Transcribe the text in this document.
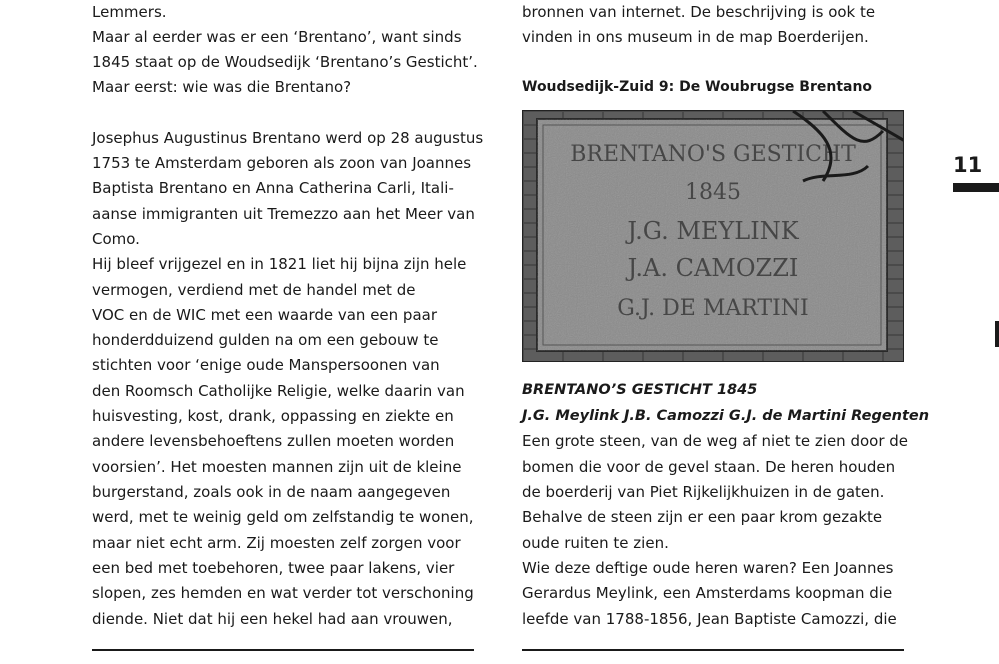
Lemmers.
Maar al eerder was er een ‘Brentano’, want sinds
1845 staat op de Woudsedijk ‘Brentano’s Gesticht’.
Maar eerst: wie was die Brentano?
Josephus Augustinus Brentano werd op 28 augustus
1753 te Amsterdam geboren als zoon van Joannes
Baptista Brentano en Anna Catherina Carli, Itali-
aanse immigranten uit Tremezzo aan het Meer van
Como.
Hij bleef vrijgezel en in 1821 liet hij bijna zijn hele
vermogen, verdiend met de handel met de
VOC en de WIC met een waarde van een paar
honderdduizend gulden na om een gebouw te
stichten voor ‘enige oude Manspersoonen van
den Roomsch Catholijke Religie, welke daarin van
huisvesting, kost, drank, oppassing en ziekte en
andere levensbehoeftens zullen moeten worden
voorsien’. Het moesten mannen zijn uit de kleine
burgerstand, zoals ook in de naam aangegeven
werd, met te weinig geld om zelfstandig te wonen,
maar niet echt arm. Zij moesten zelf zorgen voor
een bed met toebehoren, twee paar lakens, vier
slopen, zes hemden en wat verder tot verschoning
diende. Niet dat hij een hekel had aan vrouwen,
bronnen van internet. De beschrijving is ook te
vinden in ons museum in de map Boerderijen.
Woudsedijk-Zuid 9: De Woubrugse Brentano
BRENTANO'S GESTICHT
1845
J.G. MEYLINK
J.A. CAMOZZI
G.J. DE MARTINI
BRENTANO’S GESTICHT 1845
J.G. Meylink J.B. Camozzi G.J. de Martini Regenten
Een grote steen, van de weg af niet te zien door de
bomen die voor de gevel staan. De heren houden
de boerderij van Piet Rijkelijkhuizen in de gaten.
Behalve de steen zijn er een paar krom gezakte
oude ruiten te zien.
Wie deze deftige oude heren waren? Een Joannes
Gerardus Meylink, een Amsterdams koopman die
leefde van 1788-1856, Jean Baptiste Camozzi, die
11
